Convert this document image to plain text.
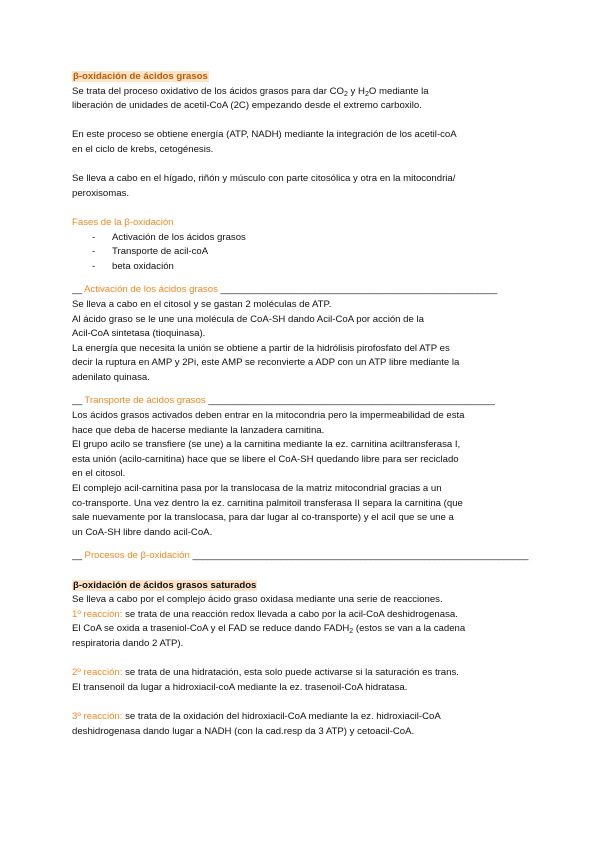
β-oxidación de ácidos grasos

Se trata del proceso oxidativo de los ácidos grasos para dar $CO_2$ y $H_2O$ mediante la

liberación de unidades de acetil-CoA (2C) empezando desde el extremo carboxilo.

En este proceso se obtiene energía (ATP, NADH) mediante la integración de los acetil-coA

en el ciclo de krebs, cetogénesis.

Se lleva a cabo en el hígado, riñón y músculo con parte citosólica y otra en la mitocondria/

peroxisomas.

Fases de la β-oxidación

- Activación de los ácidos grasos
- Transporte de acil-coA
- beta oxidación
__ Activación de los ácidos grasos ________________________________________________________

Se lleva a cabo en el citosol y se gastan 2 moléculas de ATP.

Al ácido graso se le une una molécula de CoA-SH dando Acil-CoA por acción de la

Acil-CoA sintetasa (tioquinasa).

La energía que necesita la unión se obtiene a partir de la hidrólisis pirofosfato del ATP es

decir la ruptura en AMP y 2Pi, este AMP se reconvierte a ADP con un ATP libre mediante la

adenilato quinasa.

__ Transporte de ácidos grasos __________________________________________________________

Los ácidos grasos activados deben entrar en la mitocondria pero la impermeabilidad de esta

hace que deba de hacerse mediante la lanzadera carnitina.

El grupo acilo se transfiere (se une) a la carnitina mediante la ez. carnitina aciltransferasa I,

esta unión (acilo-carnitina) hace que se libere el CoA-SH quedando libre para ser reciclado

en el citosol.

El complejo acil-carnitina pasa por la translocasa de la matriz mitocondrial gracias a un

co-transporte. Una vez dentro la ez. carnitina palmitoil transferasa II separa la carnitina (que

sale nuevamente por la translocasa, para dar lugar al co-transporte) y el acil que se une a

un CoA-SH libre dando acil-CoA.

__ Procesos de β-oxidación ____________________________________________________________________
β-oxidación de ácidos grasos saturados

Se lleva a cabo por el complejo ácido graso oxidasa mediante una serie de reacciones.

1º reacción: se trata de una reacción redox llevada a cabo por la acil-CoA deshidrogenasa.

El CoA se oxida a traseniol-CoA y el FAD se reduce dando $FADH_2$ (estos se van a la cadena

respiratoria dando 2 ATP).

2º reacción: se trata de una hidratación, esta solo puede activarse si la saturación es trans.

El transenoil da lugar a hidroxiacil-coA mediante la ez. trasenoil-CoA hidratasa.

3º reacción: se trata de la oxidación del hidroxiacil-CoA mediante la ez. hidroxiacil-CoA

deshidrogenasa dando lugar a NADH (con la cad.resp da 3 ATP) y cetoacil-CoA.
